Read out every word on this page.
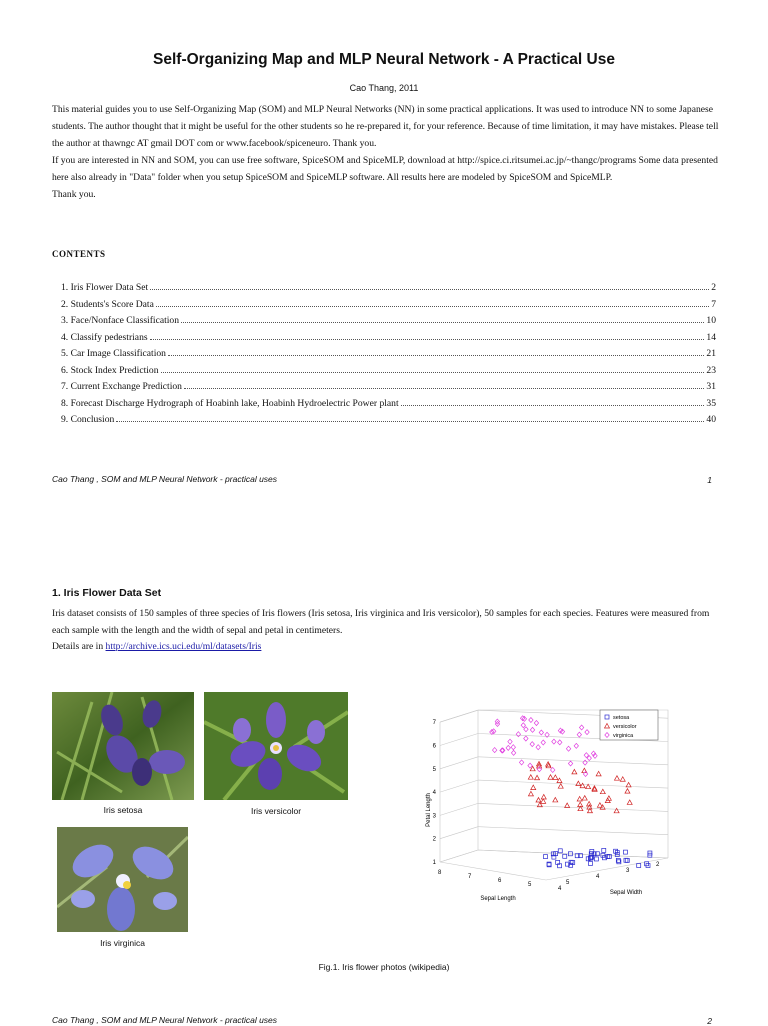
Self-Organizing Map and MLP Neural Network - A Practical Use
Cao Thang, 2011

This material guides you to use Self-Organizing Map (SOM) and MLP Neural Networks (NN) in some practical applications. It was used to introduce NN to some Japanese students. The author thought that it might be useful for the other students so he re-prepared it, for your reference. Because of time limitation, it may have mistakes. Please tell the author at thawngc AT gmail DOT com or www.facebook/spiceneuro. Thank you.

If you are interested in NN and SOM, you can use free software, SpiceSOM and SpiceMLP, download at http://spice.ci.ritsumei.ac.jp/~thangc/programs Some data presented here also already in "Data" folder when you setup SpiceSOM and SpiceMLP software. All results here are modeled by SpiceSOM and SpiceMLP.

Thank you.

CONTENTS
1. Iris Flower Data Set	2
2. Students's Score Data	7
3. Face/Nonface Classification	10
4. Classify pedestrians	14
5. Car Image Classification	21
6. Stock Index Prediction	23
7. Current Exchange Prediction	31
8. Forecast Discharge Hydrograph of Hoabinh lake, Hoabinh Hydroelectric Power plant	35
9. Conclusion	40
Cao Thang , SOM and MLP Neural Network - practical uses	1
1. Iris Flower Data Set

Iris dataset consists of 150 samples of three species of Iris flowers (Iris setosa, Iris virginica and Iris versicolor), 50 samples for each species. Features were measured from each sample with the length and the width of sepal and petal in centimeters.

Details are in http://archive.ics.uci.edu/ml/datasets/Iris

Iris setosa	Iris versicolor
Iris virginica
1
2
3
4
5
6
7
8
7
6
5
4
5
4
3
2
setosa
versicolor
virginica
Petal Length
Sepal Length
Sepal Width
Fig.1. Iris flower photos (wikipedia)
Cao Thang , SOM and MLP Neural Network - practical uses	2
